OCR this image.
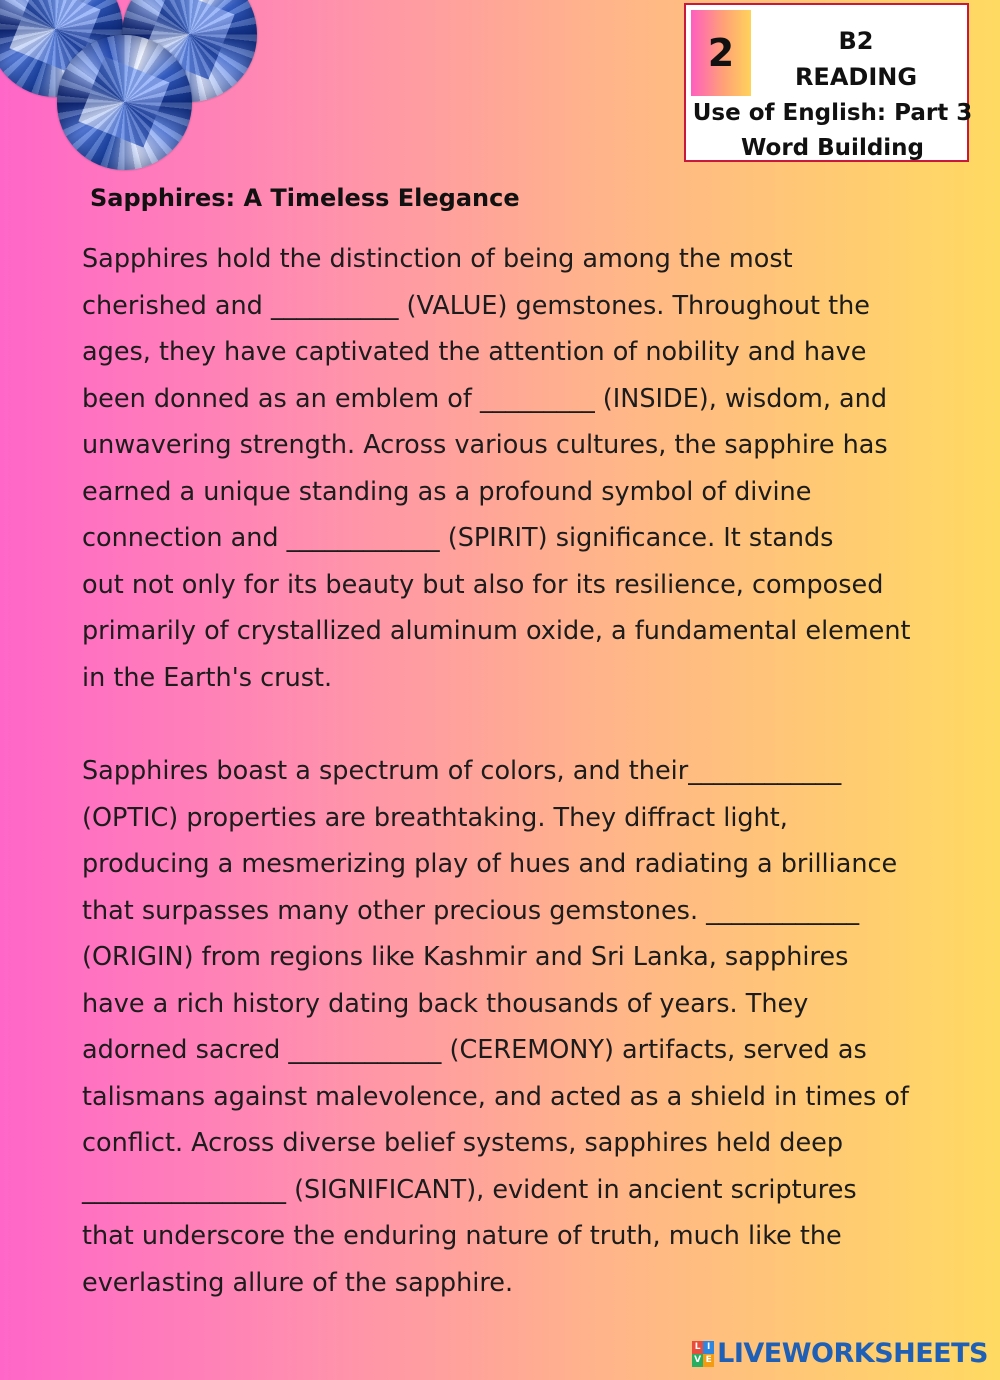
2	B2
READING
Use of English: Part 3
Word Building
Sapphires: A Timeless Elegance
Sapphires hold the distinction of being among the most
cherished and __________ (VALUE) gemstones. Throughout the
ages, they have captivated the attention of nobility and have
been donned as an emblem of _________ (INSIDE), wisdom, and
unwavering strength. Across various cultures, the sapphire has
earned a unique standing as a profound symbol of divine
connection and ____________ (SPIRIT) significance. It stands
out not only for its beauty but also for its resilience, composed
primarily of crystallized aluminum oxide, a fundamental element
in the Earth's crust.
Sapphires boast a spectrum of colors, and their____________
(OPTIC) properties are breathtaking. They diffract light,
producing a mesmerizing play of hues and radiating a brilliance
that surpasses many other precious gemstones. ____________
(ORIGIN) from regions like Kashmir and Sri Lanka, sapphires
have a rich history dating back thousands of years. They
adorned sacred ____________ (CEREMONY) artifacts, served as
talismans against malevolence, and acted as a shield in times of
conflict. Across diverse belief systems, sapphires held deep
________________ (SIGNIFICANT), evident in ancient scriptures
that underscore the enduring nature of truth, much like the
everlasting allure of the sapphire.
L I
V E LIVEWORKSHEETS
